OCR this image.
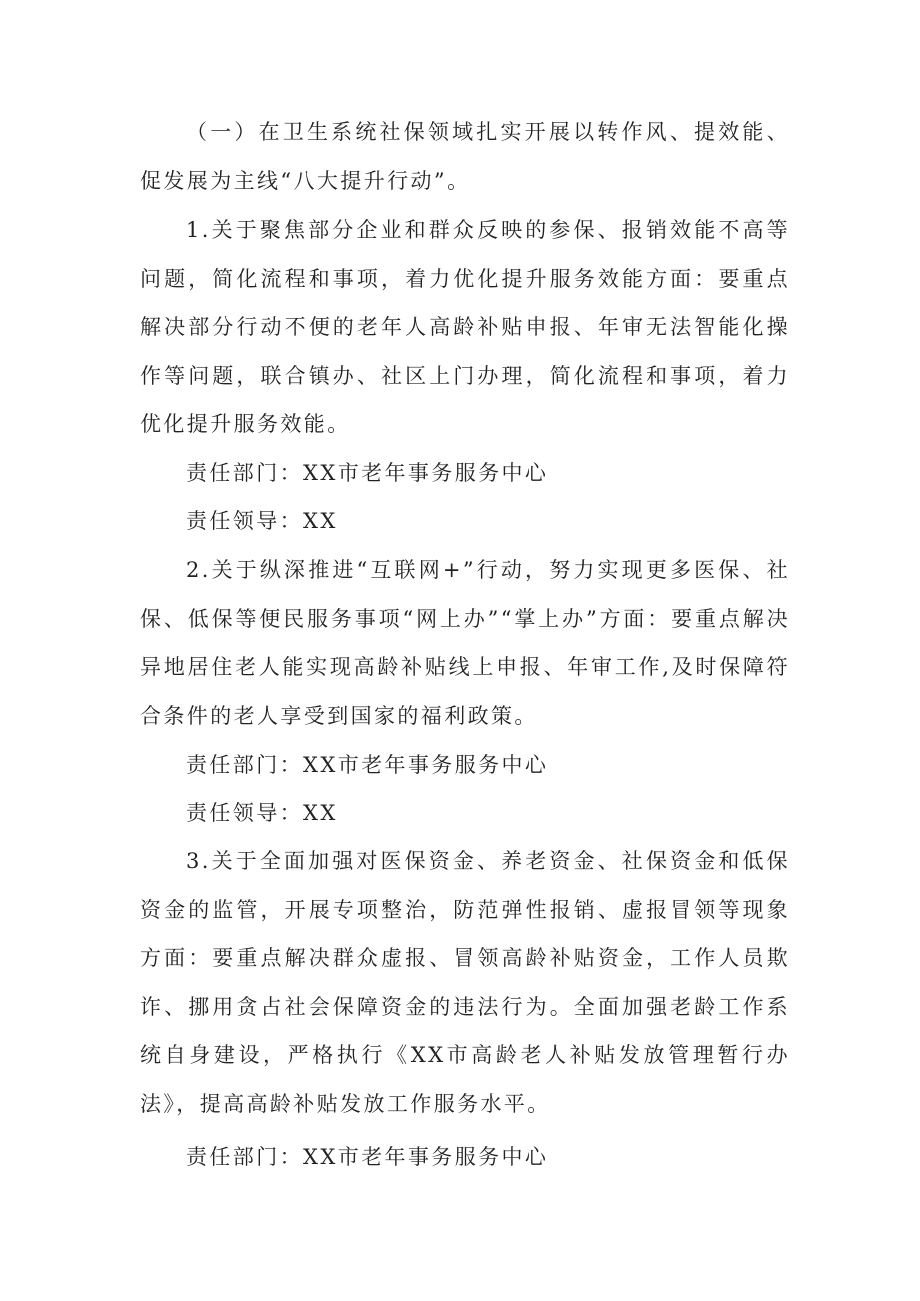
（一）在卫生系统社保领域扎实开展以转作风、提效能、促发展为主线“八大提升行动”。

1.关于聚焦部分企业和群众反映的参保、报销效能不高等问题，简化流程和事项，着力优化提升服务效能方面：要重点解决部分行动不便的老年人高龄补贴申报、年审无法智能化操作等问题，联合镇办、社区上门办理，简化流程和事项，着力优化提升服务效能。

责任部门：XX市老年事务服务中心

责任领导：XX

2.关于纵深推进“互联网+”行动，努力实现更多医保、社保、低保等便民服务事项“网上办”“掌上办”方面：要重点解决异地居住老人能实现高龄补贴线上申报、年审工作,及时保障符合条件的老人享受到国家的福利政策。

责任部门：XX市老年事务服务中心

责任领导：XX

3.关于全面加强对医保资金、养老资金、社保资金和低保资金的监管，开展专项整治，防范弹性报销、虚报冒领等现象方面：要重点解决群众虚报、冒领高龄补贴资金，工作人员欺诈、挪用贪占社会保障资金的违法行为。全面加强老龄工作系统自身建设，严格执行《XX市高龄老人补贴发放管理暂行办法》，提高高龄补贴发放工作服务水平。

责任部门：XX市老年事务服务中心
